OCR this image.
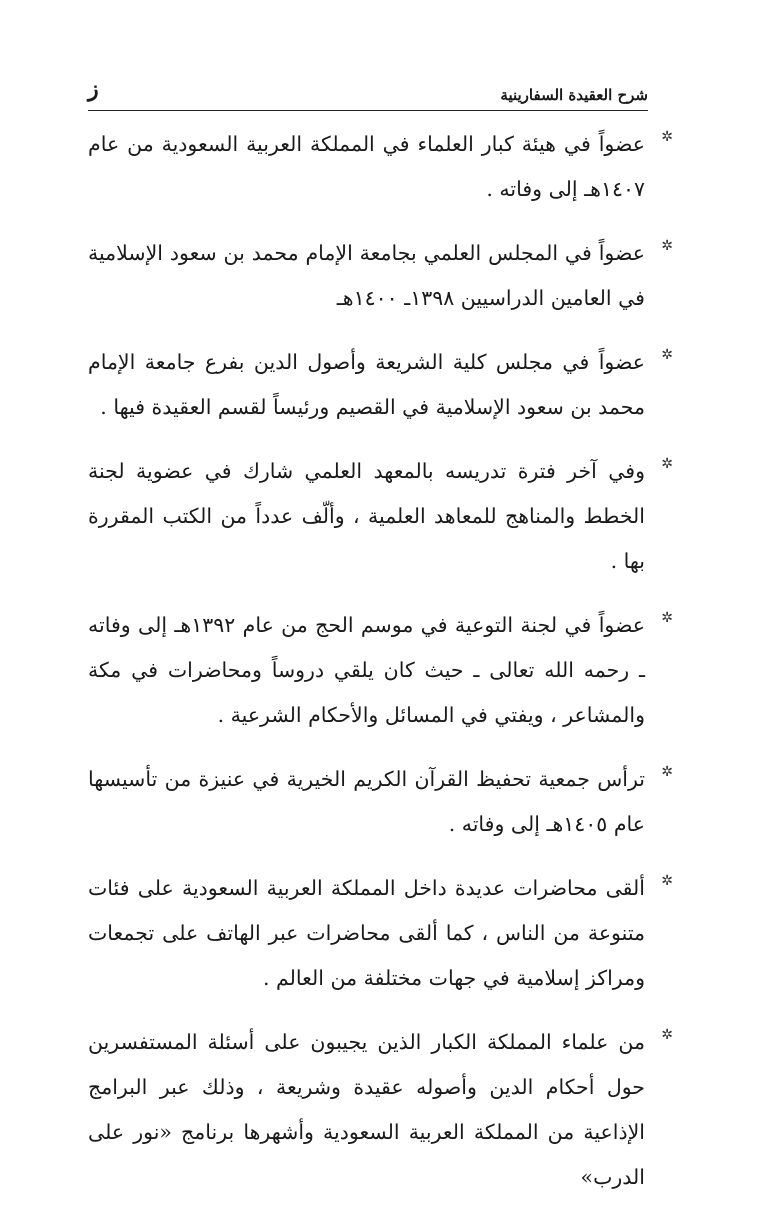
شرح العقيدة السفارينية
ز
✲
عضواً في هيئة كبار العلماء في المملكة العربية السعودية من عام ١٤٠٧هـ إلى وفاته .
✲
عضواً في المجلس العلمي بجامعة الإمام محمد بن سعود الإسلامية في العامين الدراسيين ١٣٩٨ـ ١٤٠٠هـ
✲
عضواً في مجلس كلية الشريعة وأصول الدين بفرع جامعة الإمام محمد بن سعود الإسلامية في القصيم ورئيساً لقسم العقيدة فيها .
✲
وفي آخر فترة تدريسه بالمعهد العلمي شارك في عضوية لجنة الخطط والمناهج للمعاهد العلمية ، وألّف عدداً من الكتب المقررة بها .
✲
عضواً في لجنة التوعية في موسم الحج من عام ١٣٩٢هـ إلى وفاته ـ رحمه الله تعالى ـ حيث كان يلقي دروساً ومحاضرات في مكة والمشاعر ، ويفتي في المسائل والأحكام الشرعية .
✲
ترأس جمعية تحفيظ القرآن الكريم الخيرية في عنيزة من تأسيسها عام ١٤٠٥هـ إلى وفاته .
✲
ألقى محاضرات عديدة داخل المملكة العربية السعودية على فئات متنوعة من الناس ، كما ألقى محاضرات عبر الهاتف على تجمعات ومراكز إسلامية في جهات مختلفة من العالم .
✲
من علماء المملكة الكبار الذين يجيبون على أسئلة المستفسرين حول أحكام الدين وأصوله عقيدة وشريعة ، وذلك عبر البرامج الإذاعية من المملكة العربية السعودية وأشهرها برنامج «نور على الدرب»
